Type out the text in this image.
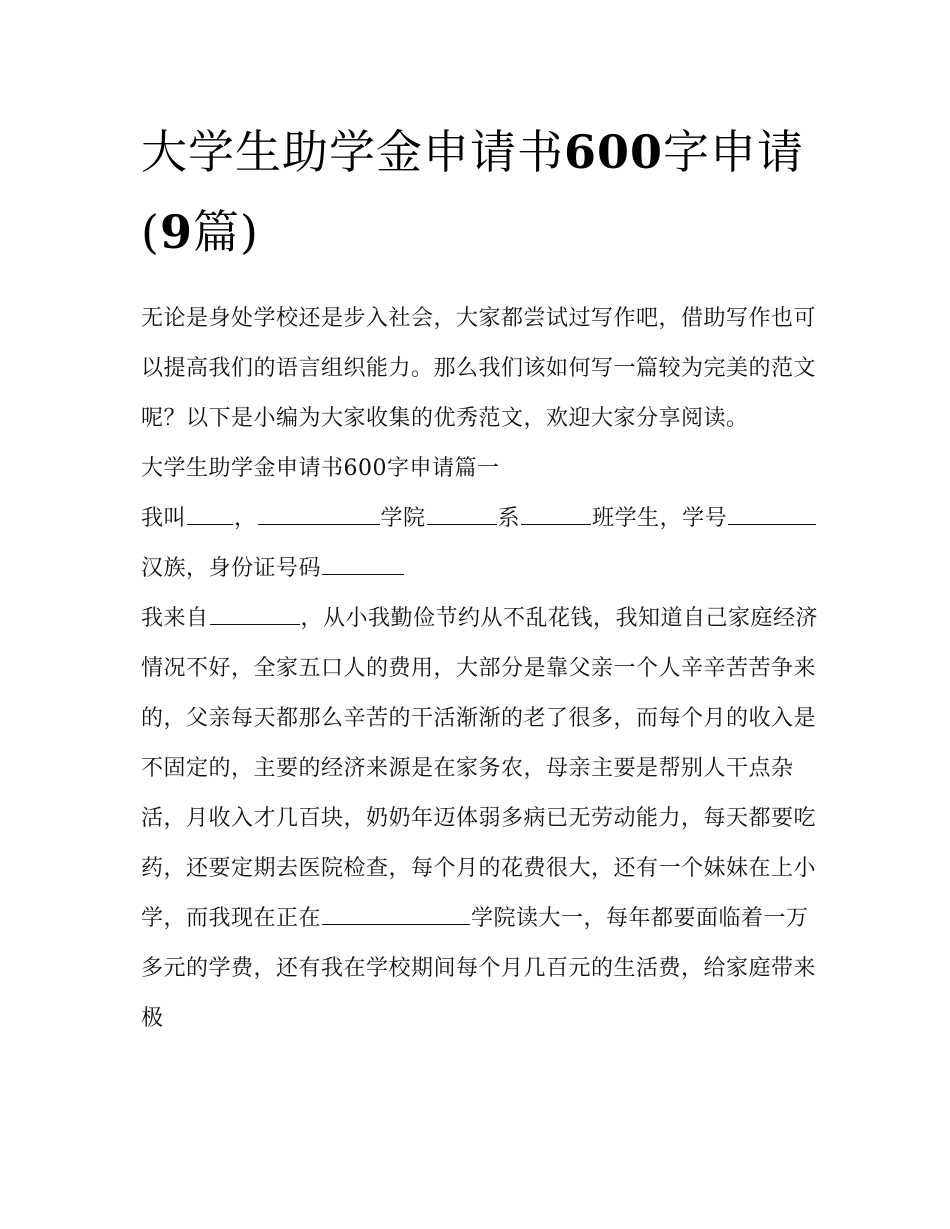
大学生助学金申请书600字申请(9篇)

无论是身处学校还是步入社会，大家都尝试过写作吧，借助写作也可以提高我们的语言组织能力。那么我们该如何写一篇较为完美的范文呢？以下是小编为大家收集的优秀范文，欢迎大家分享阅读。

大学生助学金申请书600字申请篇一

我叫 ，	学院	系	班学生，学号汉族，身份证号码

我来自	，从小我勤俭节约从不乱花钱，我知道自己家庭经济情况不好，全家五口人的费用，大部分是靠父亲一个人辛辛苦苦争来的，父亲每天都那么辛苦的干活渐渐的老了很多，而每个月的收入是不固定的，主要的经济来源是在家务农，母亲主要是帮别人干点杂活，月收入才几百块，奶奶年迈体弱多病已无劳动能力，每天都要吃药，还要定期去医院检查，每个月的花费很大，还有一个妹妹在上小学，而我现在正在	学院读大一，每年都要面临着一万多元的学费，还有我在学校期间每个月几百元的生活费，给家庭带来极
